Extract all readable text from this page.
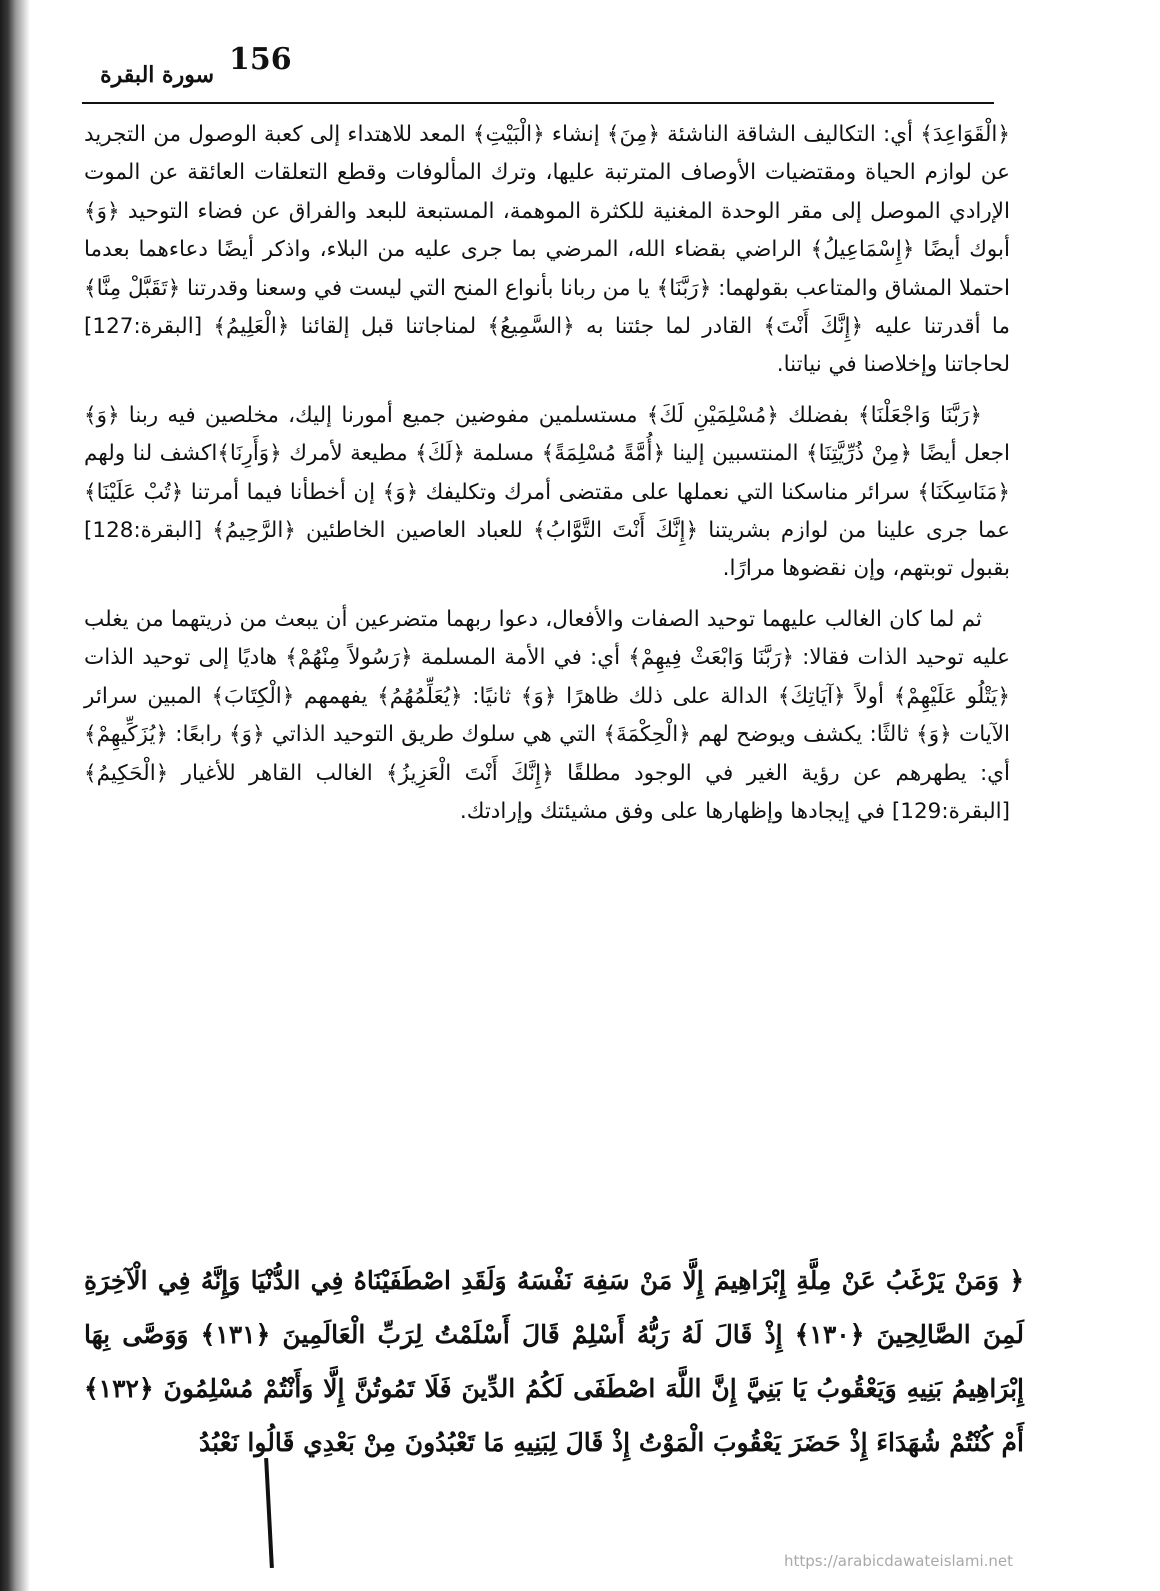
156
سورة البقرة

﴿الْقَوَاعِدَ﴾ أي: التكاليف الشاقة الناشئة ﴿مِنَ﴾ إنشاء ﴿الْبَيْتِ﴾ المعد للاهتداء إلى كعبة الوصول من التجريد عن لوازم الحياة ومقتضيات الأوصاف المترتبة عليها، وترك المألوفات وقطع التعلقات العائقة عن الموت الإرادي الموصل إلى مقر الوحدة المغنية للكثرة الموهمة، المستبعة للبعد والفراق عن فضاء التوحيد ﴿وَ﴾ أبوك أيضًا ﴿إِسْمَاعِيلُ﴾ الراضي بقضاء الله، المرضي بما جرى عليه من البلاء، واذكر أيضًا دعاءهما بعدما احتملا المشاق والمتاعب بقولهما: ﴿رَبَّنَا﴾ يا من ربانا بأنواع المنح التي ليست في وسعنا وقدرتنا ﴿تَقَبَّلْ مِنَّا﴾ ما أقدرتنا عليه ﴿إِنَّكَ أَنْتَ﴾ القادر لما جئتنا به ﴿السَّمِيعُ﴾ لمناجاتنا قبل إلقائنا ﴿الْعَلِيمُ﴾ [البقرة:127] لحاجاتنا وإخلاصنا في نياتنا.

﴿رَبَّنَا وَاجْعَلْنَا﴾ بفضلك ﴿مُسْلِمَيْنِ لَكَ﴾ مستسلمين مفوضين جميع أمورنا إليك، مخلصين فيه ربنا ﴿وَ﴾ اجعل أيضًا ﴿مِنْ ذُرِّيَّتِنَا﴾ المنتسبين إلينا ﴿أُمَّةً مُسْلِمَةً﴾ مسلمة ﴿لَكَ﴾ مطيعة لأمرك ﴿وَأَرِنَا﴾اكشف لنا ولهم ﴿مَنَاسِكَنَا﴾ سرائر مناسكنا التي نعملها على مقتضى أمرك وتكليفك ﴿وَ﴾ إن أخطأنا فيما أمرتنا ﴿تُبْ عَلَيْنَا﴾ عما جرى علينا من لوازم بشريتنا ﴿إِنَّكَ أَنْتَ التَّوَّابُ﴾ للعباد العاصين الخاطئين ﴿الرَّحِيمُ﴾ [البقرة:128] بقبول توبتهم، وإن نقضوها مرارًا.

ثم لما كان الغالب عليهما توحيد الصفات والأفعال، دعوا ربهما متضرعين أن يبعث من ذريتهما من يغلب عليه توحيد الذات فقالا: ﴿رَبَّنَا وَابْعَثْ فِيهِمْ﴾ أي: في الأمة المسلمة ﴿رَسُولاً مِنْهُمْ﴾ هاديًا إلى توحيد الذات ﴿يَتْلُو عَلَيْهِمْ﴾ أولاً ﴿آيَاتِكَ﴾ الدالة على ذلك ظاهرًا ﴿وَ﴾ ثانيًا: ﴿يُعَلِّمُهُمُ﴾ يفهمهم ﴿الْكِتَابَ﴾ المبين سرائر الآيات ﴿وَ﴾ ثالثًا: يكشف ويوضح لهم ﴿الْحِكْمَةَ﴾ التي هي سلوك طريق التوحيد الذاتي ﴿وَ﴾ رابعًا: ﴿يُزَكِّيهِمْ﴾ أي: يطهرهم عن رؤية الغير في الوجود مطلقًا ﴿إِنَّكَ أَنْتَ الْعَزِيزُ﴾ الغالب القاهر للأغيار ﴿الْحَكِيمُ﴾ [البقرة:129] في إيجادها وإظهارها على وفق مشيئتك وإرادتك.

﴿ وَمَنْ يَرْغَبُ عَنْ مِلَّةِ إِبْرَاهِيمَ إِلَّا مَنْ سَفِهَ نَفْسَهُ وَلَقَدِ اصْطَفَيْنَاهُ فِي الدُّنْيَا وَإِنَّهُ فِي الْآخِرَةِ لَمِنَ الصَّالِحِينَ ﴿١٣٠﴾ إِذْ قَالَ لَهُ رَبُّهُ أَسْلِمْ قَالَ أَسْلَمْتُ لِرَبِّ الْعَالَمِينَ ﴿١٣١﴾ وَوَصَّى بِهَا إِبْرَاهِيمُ بَنِيهِ وَيَعْقُوبُ يَا بَنِيَّ إِنَّ اللَّهَ اصْطَفَى لَكُمُ الدِّينَ فَلَا تَمُوتُنَّ إِلَّا وَأَنْتُمْ مُسْلِمُونَ ﴿١٣٢﴾ أَمْ كُنْتُمْ شُهَدَاءَ إِذْ حَضَرَ يَعْقُوبَ الْمَوْتُ إِذْ قَالَ لِبَنِيهِ مَا تَعْبُدُونَ مِنْ بَعْدِي قَالُوا نَعْبُدُ

https://arabicdawateislami.net
